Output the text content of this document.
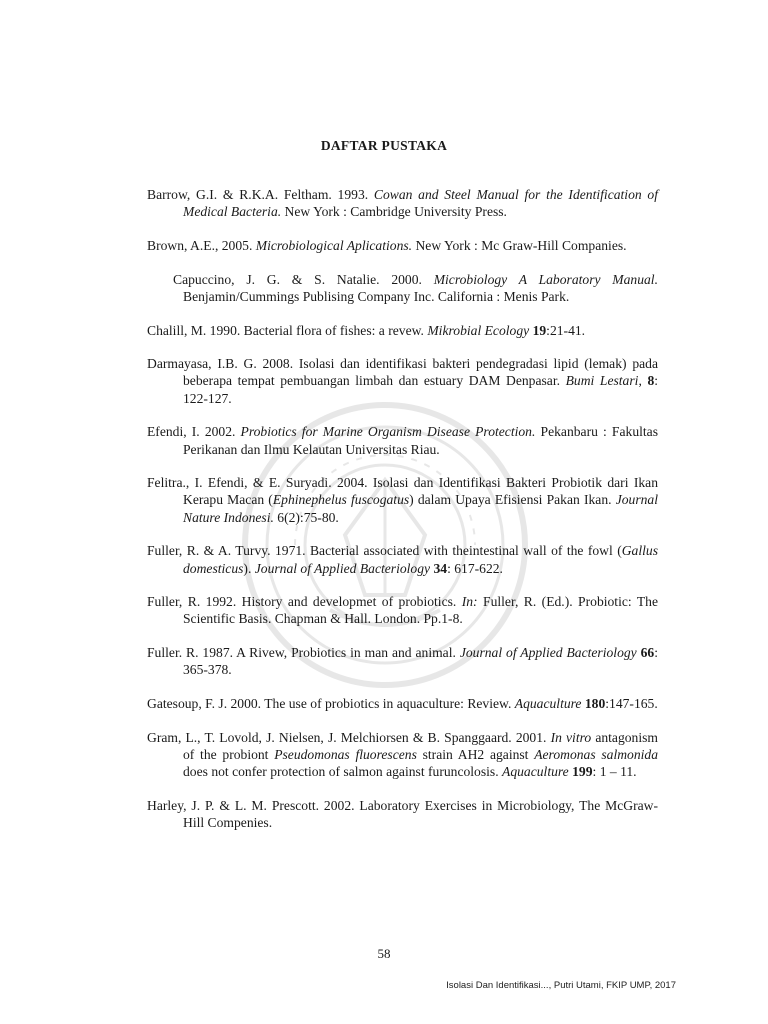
DAFTAR PUSTAKA

Barrow, G.I. & R.K.A. Feltham. 1993. Cowan and Steel Manual for the Identification of Medical Bacteria. New York : Cambridge University Press.

Brown, A.E., 2005. Microbiological Aplications. New York : Mc Graw-Hill Companies.

Capuccino, J. G. & S. Natalie. 2000. Microbiology A Laboratory Manual. Benjamin/Cummings Publising Company Inc. California : Menis Park.

Chalill, M. 1990. Bacterial flora of fishes: a revew. Mikrobial Ecology 19:21-41.

Darmayasa, I.B. G. 2008. Isolasi dan identifikasi bakteri pendegradasi lipid (lemak) pada beberapa tempat pembuangan limbah dan estuary DAM Denpasar. Bumi Lestari, 8: 122-127.

Efendi, I. 2002. Probiotics for Marine Organism Disease Protection. Pekanbaru : Fakultas Perikanan dan Ilmu Kelautan Universitas Riau.

Felitra., I. Efendi, & E. Suryadi. 2004. Isolasi dan Identifikasi Bakteri Probiotik dari Ikan Kerapu Macan (Ephinephelus fuscogatus) dalam Upaya Efisiensi Pakan Ikan. Journal Nature Indonesi. 6(2):75-80.

Fuller, R. & A. Turvy. 1971. Bacterial associated with theintestinal wall of the fowl (Gallus domesticus). Journal of Applied Bacteriology 34: 617-622.

Fuller, R. 1992. History and developmet of probiotics. In: Fuller, R. (Ed.). Probiotic: The Scientific Basis. Chapman & Hall. London. Pp.1-8.

Fuller. R. 1987. A Rivew, Probiotics in man and animal. Journal of Applied Bacteriology 66: 365-378.

Gatesoup, F. J. 2000. The use of probiotics in aquaculture: Review. Aquaculture 180:147-165.

Gram, L., T. Lovold, J. Nielsen, J. Melchiorsen & B. Spanggaard. 2001. In vitro antagonism of the probiont Pseudomonas fluorescens strain AH2 against Aeromonas salmonida does not confer protection of salmon against furuncolosis. Aquaculture 199: 1 – 11.

Harley, J. P. & L. M. Prescott. 2002. Laboratory Exercises in Microbiology, The McGraw-Hill Compenies.

58
Isolasi Dan Identifikasi..., Putri Utami, FKIP UMP, 2017
